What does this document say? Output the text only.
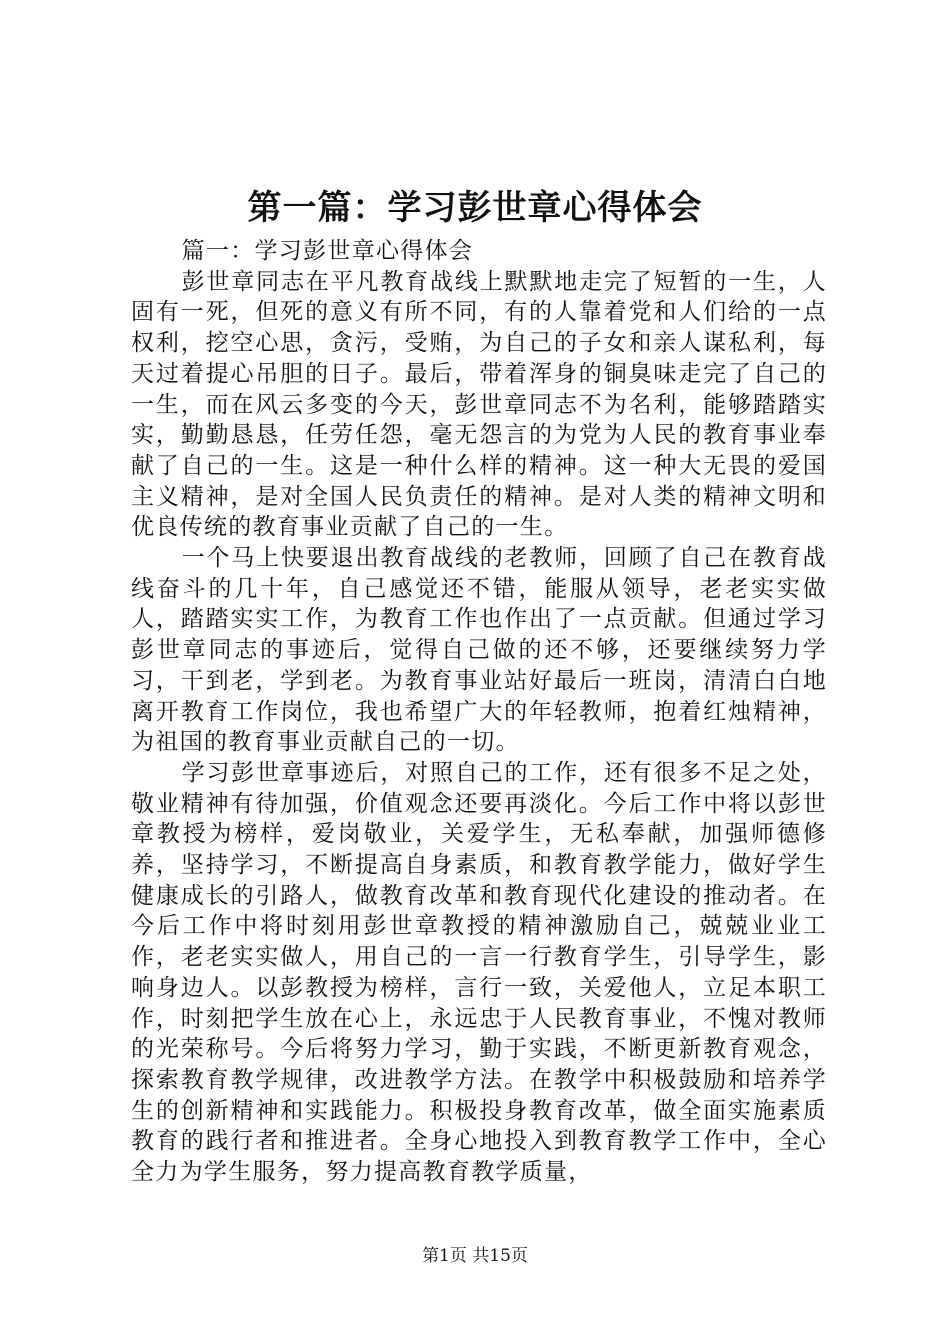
第一篇：学习彭世章心得体会

篇一：学习彭世章心得体会

彭世章同志在平凡教育战线上默默地走完了短暂的一生，人固有一死，但死的意义有所不同，有的人靠着党和人们给的一点权利，挖空心思，贪污，受贿，为自己的子女和亲人谋私利，每天过着提心吊胆的日子。最后，带着浑身的铜臭味走完了自己的一生，而在风云多变的今天，彭世章同志不为名利，能够踏踏实实，勤勤恳恳，任劳任怨，毫无怨言的为党为人民的教育事业奉献了自己的一生。这是一种什么样的精神。这一种大无畏的爱国主义精神，是对全国人民负责任的精神。是对人类的精神文明和优良传统的教育事业贡献了自己的一生。

一个马上快要退出教育战线的老教师，回顾了自己在教育战线奋斗的几十年，自己感觉还不错，能服从领导，老老实实做人，踏踏实实工作，为教育工作也作出了一点贡献。但通过学习彭世章同志的事迹后，觉得自己做的还不够，还要继续努力学习，干到老，学到老。为教育事业站好最后一班岗，清清白白地离开教育工作岗位，我也希望广大的年轻教师，抱着红烛精神，为祖国的教育事业贡献自己的一切。

学习彭世章事迹后，对照自己的工作，还有很多不足之处，敬业精神有待加强，价值观念还要再淡化。今后工作中将以彭世章教授为榜样，爱岗敬业，关爱学生，无私奉献，加强师德修养，坚持学习，不断提高自身素质，和教育教学能力，做好学生健康成长的引路人，做教育改革和教育现代化建设的推动者。在今后工作中将时刻用彭世章教授的精神激励自己，兢兢业业工作，老老实实做人，用自己的一言一行教育学生，引导学生，影响身边人。以彭教授为榜样，言行一致，关爱他人，立足本职工作，时刻把学生放在心上，永远忠于人民教育事业，不愧对教师的光荣称号。今后将努力学习，勤于实践，不断更新教育观念，探索教育教学规律，改进教学方法。在教学中积极鼓励和培养学生的创新精神和实践能力。积极投身教育改革，做全面实施素质教育的践行者和推进者。全身心地投入到教育教学工作中，全心全力为学生服务，努力提高教育教学质量，

第1页 共15页
